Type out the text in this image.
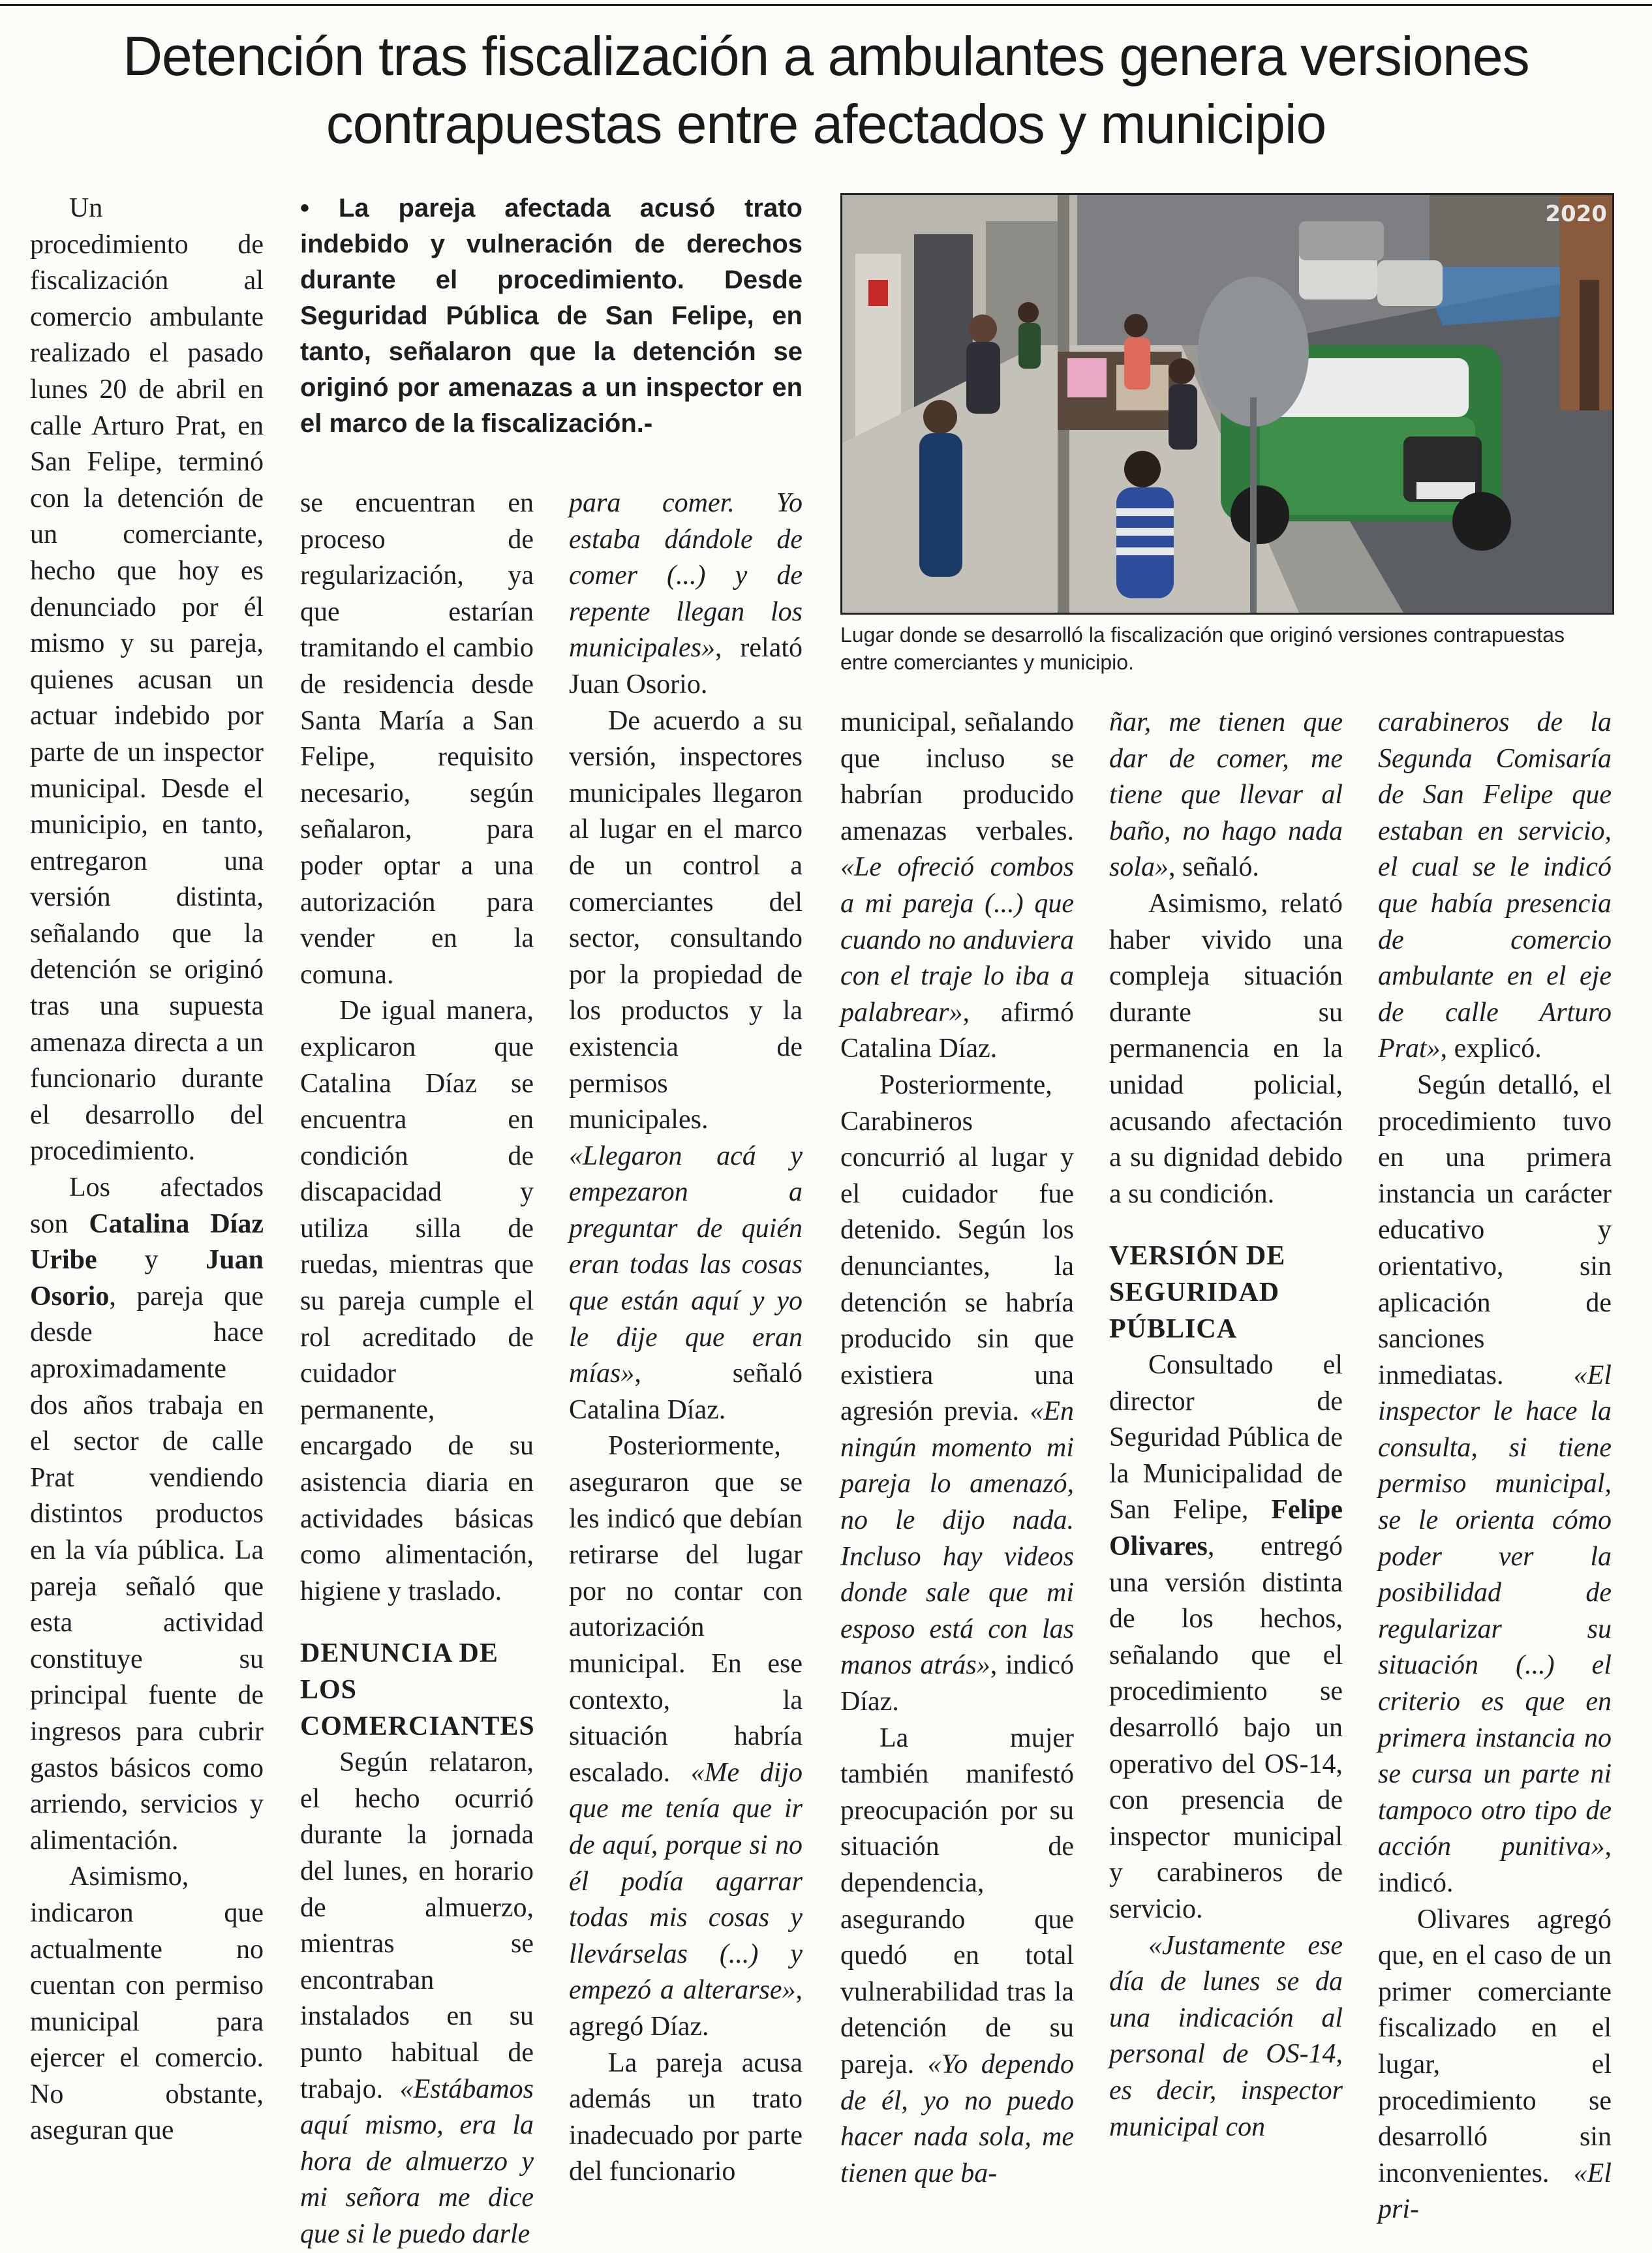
Detención tras fiscalización a ambulantes genera versiones contrapuestas entre afectados y municipio

Un procedimiento de fiscalización al comercio ambulante realizado el pasado lunes 20 de abril en calle Arturo Prat, en San Felipe, terminó con la detención de un comerciante, hecho que hoy es denunciado por él mismo y su pareja, quienes acusan un actuar indebido por parte de un inspector municipal. Desde el municipio, en tanto, entregaron una versión distinta, señalando que la detención se originó tras una supuesta amenaza directa a un funcionario durante el desarrollo del procedimiento.

Los afectados son Catalina Díaz Uribe y Juan Osorio, pareja que desde hace aproximadamente dos años trabaja en el sector de calle Prat vendiendo distintos productos en la vía pública. La pareja señaló que esta actividad constituye su principal fuente de ingresos para cubrir gastos básicos como arriendo, servicios y alimentación.

Asimismo, indicaron que actualmente no cuentan con permiso municipal para ejercer el comercio. No obstante, aseguran que

• La pareja afectada acusó trato indebido y vulneración de derechos durante el procedimiento. Desde Seguridad Pública de San Felipe, en tanto, señalaron que la detención se originó por amenazas a un inspector en el marco de la fiscalización.-

se encuentran en proceso de regularización, ya que estarían tramitando el cambio de residencia desde Santa María a San Felipe, requisito necesario, según señalaron, para poder optar a una autorización para vender en la comuna.

De igual manera, explicaron que Catalina Díaz se encuentra en condición de discapacidad y utiliza silla de ruedas, mientras que su pareja cumple el rol acreditado de cuidador permanente, encargado de su asistencia diaria en actividades básicas como alimentación, higiene y traslado.

DENUNCIA DE LOS COMERCIANTES

Según relataron, el hecho ocurrió durante la jornada del lunes, en horario de almuerzo, mientras se encontraban instalados en su punto habitual de trabajo. «Estábamos aquí mismo, era la hora de almuerzo y mi señora me dice que si le puedo darle

para comer. Yo estaba dándole de comer (...) y de repente llegan los municipales», relató Juan Osorio.

De acuerdo a su versión, inspectores municipales llegaron al lugar en el marco de un control a comerciantes del sector, consultando por la propiedad de los productos y la existencia de permisos municipales. «Llegaron acá y empezaron a preguntar de quién eran todas las cosas que están aquí y yo le dije que eran mías», señaló Catalina Díaz.

Posteriormente, aseguraron que se les indicó que debían retirarse del lugar por no contar con autorización municipal. En ese contexto, la situación habría escalado. «Me dijo que me tenía que ir de aquí, porque si no él podía agarrar todas mis cosas y llevárselas (...) y empezó a alterarse», agregó Díaz.

La pareja acusa además un trato inadecuado por parte del funcionario

2020
Lugar donde se desarrolló la fiscalización que originó versiones contrapuestas entre comerciantes y municipio.

municipal, señalando que incluso se habrían producido amenazas verbales. «Le ofreció combos a mi pareja (...) que cuando no anduviera con el traje lo iba a palabrear», afirmó Catalina Díaz.

Posteriormente, Carabineros concurrió al lugar y el cuidador fue detenido. Según los denunciantes, la detención se habría producido sin que existiera una agresión previa. «En ningún momento mi pareja lo amenazó, no le dijo nada. Incluso hay videos donde sale que mi esposo está con las manos atrás», indicó Díaz.

La mujer también manifestó preocupación por su situación de dependencia, asegurando que quedó en total vulnerabilidad tras la detención de su pareja. «Yo dependo de él, yo no puedo hacer nada sola, me tienen que ba-

ñar, me tienen que dar de comer, me tiene que llevar al baño, no hago nada sola», señaló.

Asimismo, relató haber vivido una compleja situación durante su permanencia en la unidad policial, acusando afectación a su dignidad debido a su condición.

VERSIÓN DE SEGURIDAD PÚBLICA

Consultado el director de Seguridad Pública de la Municipalidad de San Felipe, Felipe Olivares, entregó una versión distinta de los hechos, señalando que el procedimiento se desarrolló bajo un operativo del OS-14, con presencia de inspector municipal y carabineros de servicio.

«Justamente ese día de lunes se da una indicación al personal de OS-14, es decir, inspector municipal con

carabineros de la Segunda Comisaría de San Felipe que estaban en servicio, el cual se le indicó que había presencia de comercio ambulante en el eje de calle Arturo Prat», explicó.

Según detalló, el procedimiento tuvo en una primera instancia un carácter educativo y orientativo, sin aplicación de sanciones inmediatas. «El inspector le hace la consulta, si tiene permiso municipal, se le orienta cómo poder ver la posibilidad de regularizar su situación (...) el criterio es que en primera instancia no se cursa un parte ni tampoco otro tipo de acción punitiva», indicó.

Olivares agregó que, en el caso de un primer comerciante fiscalizado en el lugar, el procedimiento se desarrolló sin inconvenientes. «El pri-
